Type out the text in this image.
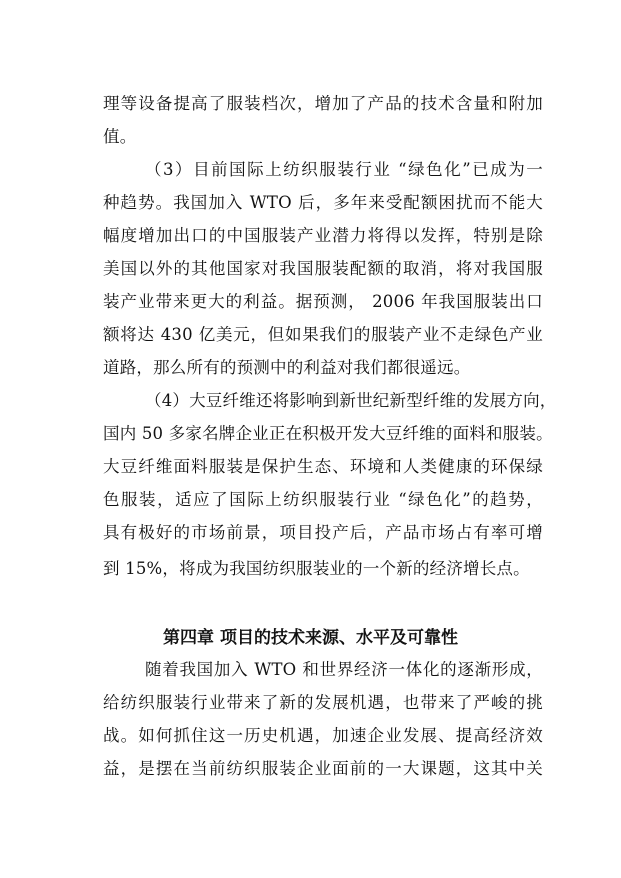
理等设备提高了服装档次，增加了产品的技术含量和附加
值。
（3）目前国际上纺织服装行业 “绿色化”已成为一
种趋势。我国加入 WTO 后，多年来受配额困扰而不能大
幅度增加出口的中国服装产业潜力将得以发挥，特别是除
美国以外的其他国家对我国服装配额的取消，将对我国服
装产业带来更大的利益。据预测， 2006 年我国服装出口
额将达 430 亿美元，但如果我们的服装产业不走绿色产业
道路，那么所有的预测中的利益对我们都很遥远。
（4）大豆纤维还将影响到新世纪新型纤维的发展方向，
国内 50 多家名牌企业正在积极开发大豆纤维的面料和服装。
大豆纤维面料服装是保护生态、环境和人类健康的环保绿
色服装，适应了国际上纺织服装行业 “绿色化”的趋势，
具有极好的市场前景，项目投产后，产品市场占有率可增
到 15%，将成为我国纺织服装业的一个新的经济增长点。
第四章 项目的技术来源、水平及可靠性
随着我国加入 WTO 和世界经济一体化的逐渐形成，
给纺织服装行业带来了新的发展机遇，也带来了严峻的挑
战。如何抓住这一历史机遇，加速企业发展、提高经济效
益，是摆在当前纺织服装企业面前的一大课题，这其中关
